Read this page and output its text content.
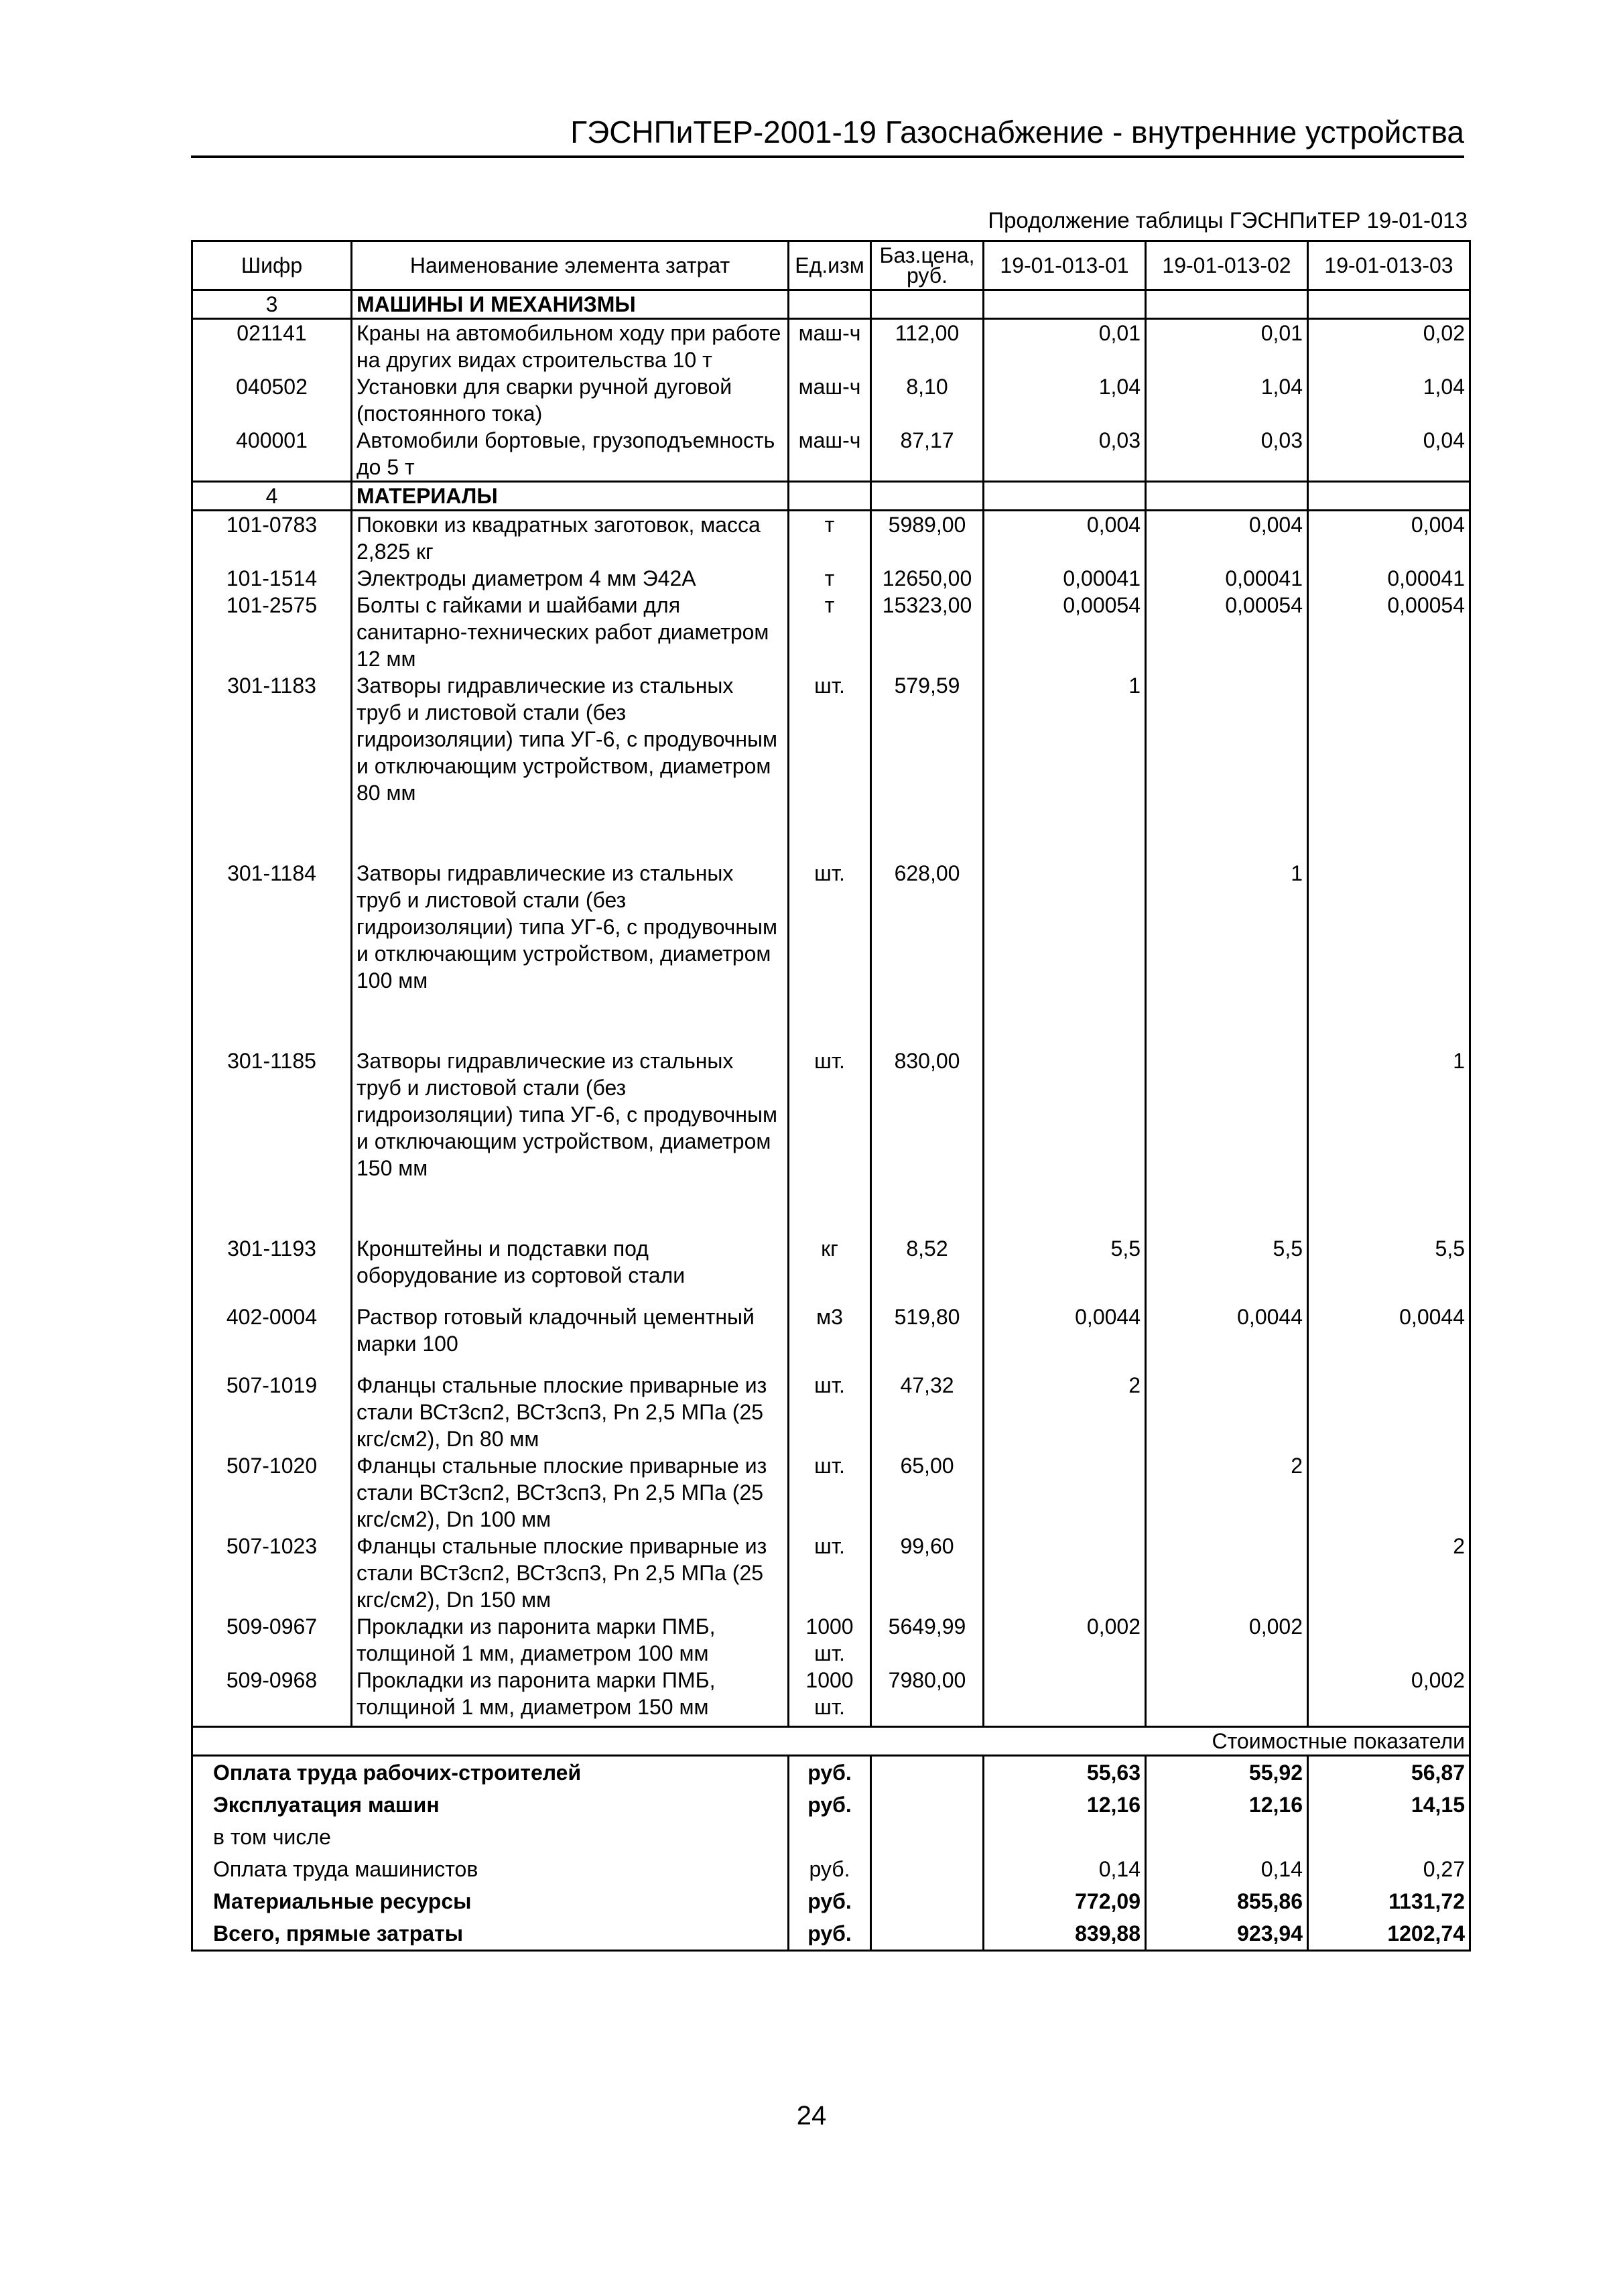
ГЭСНПиТЕР-2001-19 Газоснабжение - внутренние устройства
Продолжение таблицы ГЭСНПиТЕР 19-01-013
Шифр	Наименование элемента затрат	Ед.изм	Баз.цена, руб.	19-01-013-01	19-01-013-02	19-01-013-03
3	МАШИНЫ И МЕХАНИЗМЫ					
021141	Краны на автомобильном ходу при работе на других видах строительства 10 т	маш-ч	112,00	0,01	0,01	0,02
040502	Установки для сварки ручной дуговой (постоянного тока)	маш-ч	8,10	1,04	1,04	1,04
400001	Автомобили бортовые, грузоподъемность до 5 т	маш-ч	87,17	0,03	0,03	0,04
4	МАТЕРИАЛЫ					
101-0783	Поковки из квадратных заготовок, масса 2,825 кг	т	5989,00	0,004	0,004	0,004
101-1514	Электроды диаметром 4 мм Э42А	т	12650,00	0,00041	0,00041	0,00041
101-2575	Болты с гайками и шайбами для санитарно-технических работ диаметром 12 мм	т	15323,00	0,00054	0,00054	0,00054
301-1183	Затворы гидравлические из стальных труб и листовой стали (без гидроизоляции) типа УГ-6, с продувочным и отключающим устройством, диаметром 80 мм	шт.	579,59	1		
301-1184	Затворы гидравлические из стальных труб и листовой стали (без гидроизоляции) типа УГ-6, с продувочным и отключающим устройством, диаметром 100 мм	шт.	628,00		1	
301-1185	Затворы гидравлические из стальных труб и листовой стали (без гидроизоляции) типа УГ-6, с продувочным и отключающим устройством, диаметром 150 мм	шт.	830,00			1
301-1193	Кронштейны и подставки под оборудование из сортовой стали	кг	8,52	5,5	5,5	5,5
402-0004	Раствор готовый кладочный цементный марки 100	м3	519,80	0,0044	0,0044	0,0044
507-1019	Фланцы стальные плоские приварные из стали ВСт3сп2, ВСт3сп3, Pn 2,5 МПа (25 кгс/см2), Dn 80 мм	шт.	47,32	2		
507-1020	Фланцы стальные плоские приварные из стали ВСт3сп2, ВСт3сп3, Pn 2,5 МПа (25 кгс/см2), Dn 100 мм	шт.	65,00		2	
507-1023	Фланцы стальные плоские приварные из стали ВСт3сп2, ВСт3сп3, Pn 2,5 МПа (25 кгс/см2), Dn 150 мм	шт.	99,60			2
509-0967	Прокладки из паронита марки ПМБ, толщиной 1 мм, диаметром 100 мм	1000 шт.	5649,99	0,002	0,002	
509-0968	Прокладки из паронита марки ПМБ, толщиной 1 мм, диаметром 150 мм	1000 шт.	7980,00			0,002
Стоимостные показатели						
Оплата труда рабочих-строителей		руб.		55,63	55,92	56,87
Эксплуатация машин		руб.		12,16	12,16	14,15
в том числе						
Оплата труда машинистов		руб.		0,14	0,14	0,27
Материальные ресурсы		руб.		772,09	855,86	1131,72
Всего, прямые затраты		руб.		839,88	923,94	1202,74
24
